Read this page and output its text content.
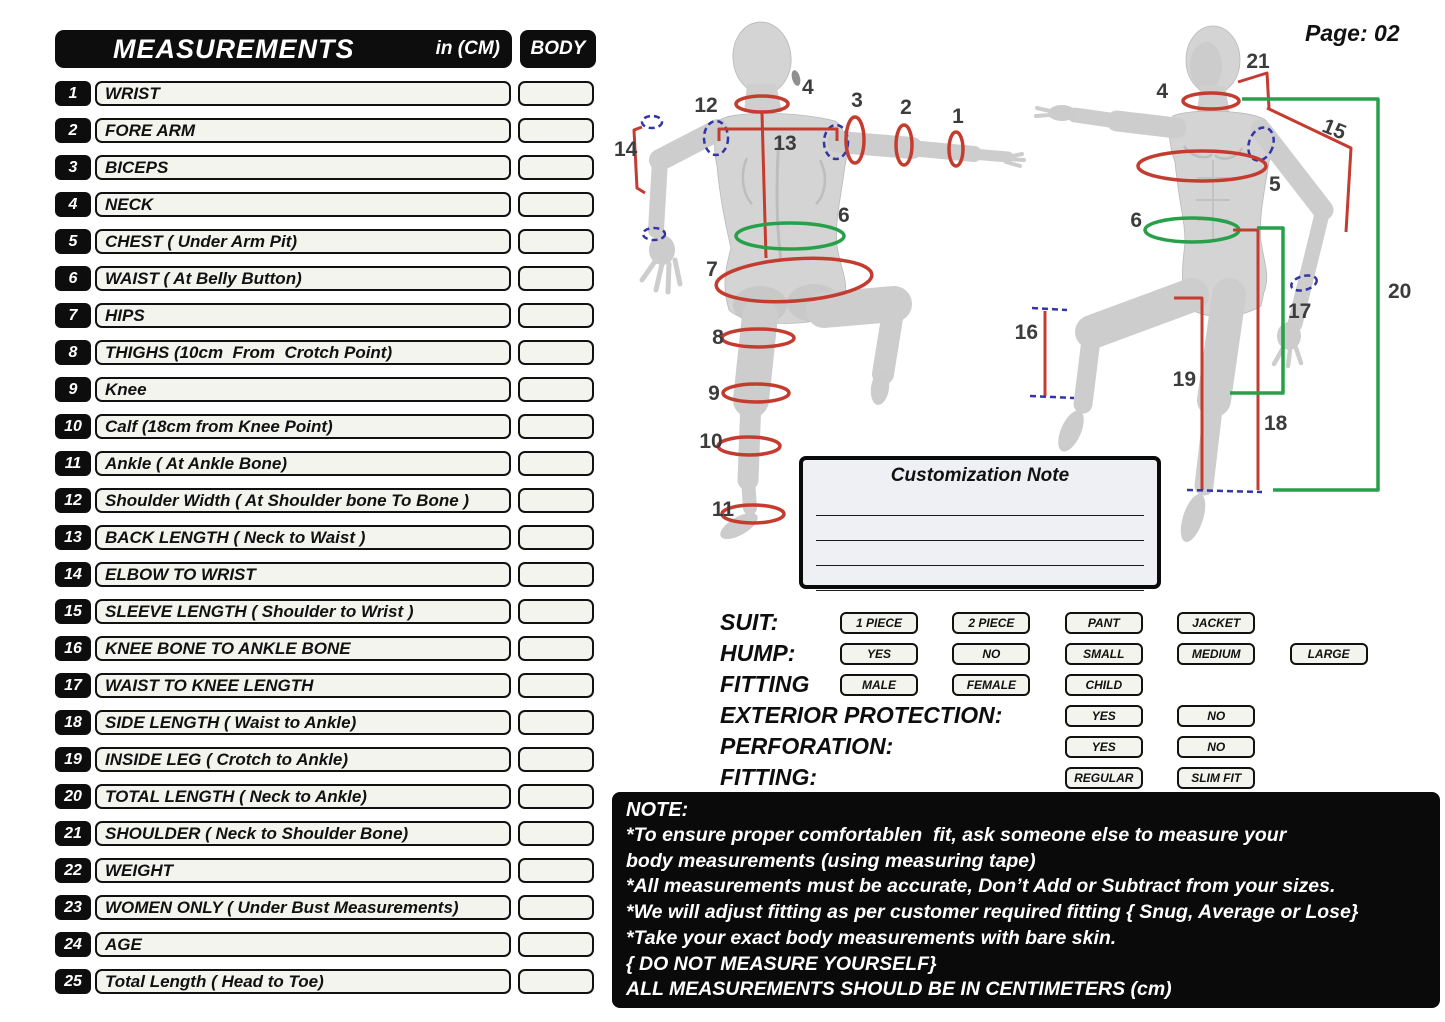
MEASUREMENTS	in (CM)	BODY
1	WRIST
2	FORE ARM
3	BICEPS
4	NECK
5	CHEST ( Under Arm Pit)
6	WAIST ( At Belly Button)
7	HIPS
8	THIGHS (10cm  From  Crotch Point)
9	Knee
10	Calf (18cm from Knee Point)
11	Ankle ( At Ankle Bone)
12	Shoulder Width ( At Shoulder bone To Bone )
13	BACK LENGTH ( Neck to Waist )
14	ELBOW TO WRIST
15	SLEEVE LENGTH ( Shoulder to Wrist )
16	KNEE BONE TO ANKLE BONE
17	WAIST TO KNEE LENGTH
18	SIDE LENGTH ( Waist to Ankle)
19	INSIDE LEG ( Crotch to Ankle)
20	TOTAL LENGTH ( Neck to Ankle)
21	SHOULDER ( Neck to Shoulder Bone)
22	WEIGHT
23	WOMEN ONLY ( Under Bust Measurements)
24	AGE
25	Total Length ( Head to Toe)
Page: 02
14
12
4
3 2 1
13
6
7
8
9
10
11
4
21
15
5
6
16
17
19
18
20
Customization Note
SUIT:	1 PIECE	2 PIECE	PANT	JACKET
HUMP:	YES	NO	SMALL	MEDIUM	LARGE
FITTING	MALE	FEMALE	CHILD
EXTERIOR PROTECTION:	YES	NO
PERFORATION:	YES	NO
FITTING:	REGULAR	SLIM FIT
NOTE:
*To ensure proper comfortablen  fit, ask someone else to measure your
body measurements (using measuring tape)
*All measurements must be accurate, Don’t Add or Subtract from your sizes.
*We will adjust fitting as per customer required fitting { Snug, Average or Lose}
*Take your exact body measurements with bare skin.
{ DO NOT MEASURE YOURSELF}
ALL MEASUREMENTS SHOULD BE IN CENTIMETERS (cm)
